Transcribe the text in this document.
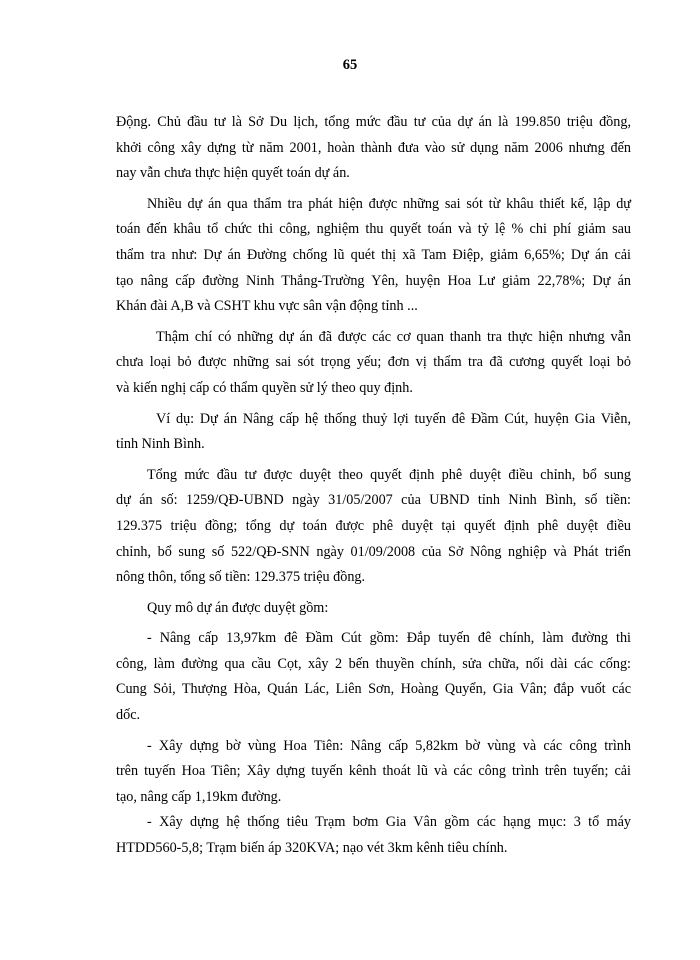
65
Động. Chủ đầu tư là Sở Du lịch, tổng mức đầu tư của dự án là 199.850 triệu đồng,
khởi công xây dựng từ năm 2001, hoàn thành đưa vào sử dụng năm 2006 nhưng đến
nay vẫn chưa thực hiện quyết toán dự án.
Nhiều dự án qua thẩm tra phát hiện được những sai sót từ khâu thiết kế, lập dự
toán đến khâu tổ chức thi công, nghiệm thu quyết toán và tỷ lệ % chi phí giảm sau
thẩm tra như: Dự án Đường chống lũ quét thị xã Tam Điệp, giảm 6,65%; Dự án cải
tạo nâng cấp đường Ninh Thắng-Trường Yên, huyện Hoa Lư giảm 22,78%; Dự án
Khán đài A,B và CSHT khu vực sân vận động tỉnh ...
Thậm chí có những dự án đã được các cơ quan thanh tra thực hiện nhưng vẫn
chưa loại bỏ được những sai sót trọng yếu; đơn vị thẩm tra đã cương quyết loại bỏ
và kiến nghị cấp có thẩm quyền sử lý theo quy định.
Ví dụ: Dự án Nâng cấp hệ thống thuỷ lợi tuyến đê Đầm Cút, huyện Gia Viễn,
tỉnh Ninh Bình.
Tổng mức đầu tư được duyệt theo quyết định phê duyệt điều chỉnh, bổ sung
dự án số: 1259/QĐ-UBND ngày 31/05/2007 của UBND tỉnh Ninh Bình, số tiền:
129.375 triệu đồng; tổng dự toán được phê duyệt tại quyết định phê duyệt điều
chỉnh, bổ sung số 522/QĐ-SNN ngày 01/09/2008 của Sở Nông nghiệp và Phát triển
nông thôn, tổng số tiền: 129.375 triệu đồng.
Quy mô dự án được duyệt gồm:
- Nâng cấp 13,97km đê Đầm Cút gồm: Đắp tuyến đê chính, làm đường thi
công, làm đường qua cầu Cọt, xây 2 bến thuyền chính, sửa chữa, nối dài các cống:
Cung Sỏi, Thượng Hòa, Quán Lác, Liên Sơn, Hoàng Quyển, Gia Vân; đắp vuốt các
dốc.
- Xây dựng bờ vùng Hoa Tiên: Nâng cấp 5,82km bờ vùng và các công trình
trên tuyến Hoa Tiên; Xây dựng tuyến kênh thoát lũ và các công trình trên tuyến; cải
tạo, nâng cấp 1,19km đường.
- Xây dựng hệ thống tiêu Trạm bơm Gia Vân gồm các hạng mục: 3 tổ máy
HTDD560-5,8; Trạm biến áp 320KVA; nạo vét 3km kênh tiêu chính.
